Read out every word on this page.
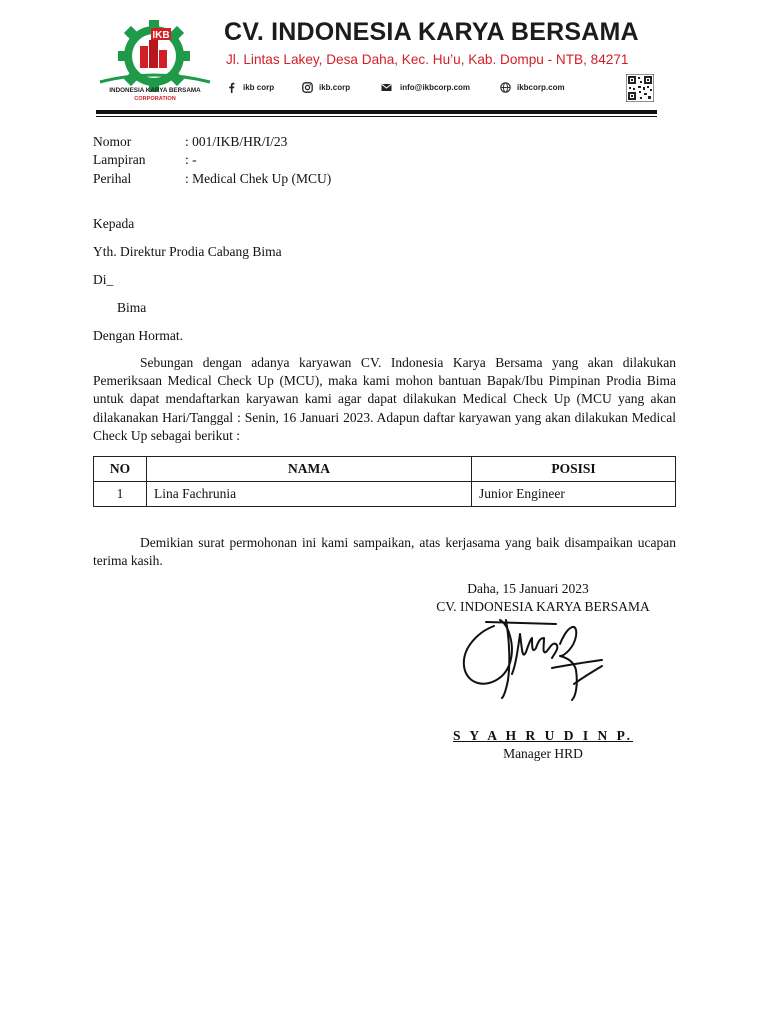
IKB
INDONESIA KARYA BERSAMA
CORPORATION
CV. INDONESIA KARYA BERSAMA
Jl. Lintas Lakey, Desa Daha, Kec. Hu’u, Kab. Dompu - NTB, 84271
ikb corp	ikb.corp	info@ikbcorp.com	ikbcorp.com
Nomor	: 001/IKB/HR/I/23
Lampiran	: -
Perihal	: Medical Chek Up (MCU)
Kepada
Yth. Direktur Prodia Cabang Bima
Di_
Bima
Dengan Hormat.
Sebungan dengan adanya karyawan CV. Indonesia Karya Bersama yang akan dilakukan Pemeriksaan Medical Check Up (MCU), maka kami mohon bantuan Bapak/Ibu Pimpinan Prodia Bima untuk dapat mendaftarkan karyawan kami agar dapat dilakukan Medical Check Up (MCU yang akan dilakanakan Hari/Tanggal : Senin, 16 Januari 2023. Adapun daftar karyawan yang akan dilakukan Medical Check Up sebagai berikut :
NO	NAMA	POSISI
1	Lina Fachrunia	Junior Engineer
Demikian surat permohonan ini kami sampaikan, atas kerjasama yang baik disampaikan ucapan terima kasih.
Daha, 15 Januari 2023
CV. INDONESIA KARYA BERSAMA
S Y A H R U D I N P.
Manager HRD
